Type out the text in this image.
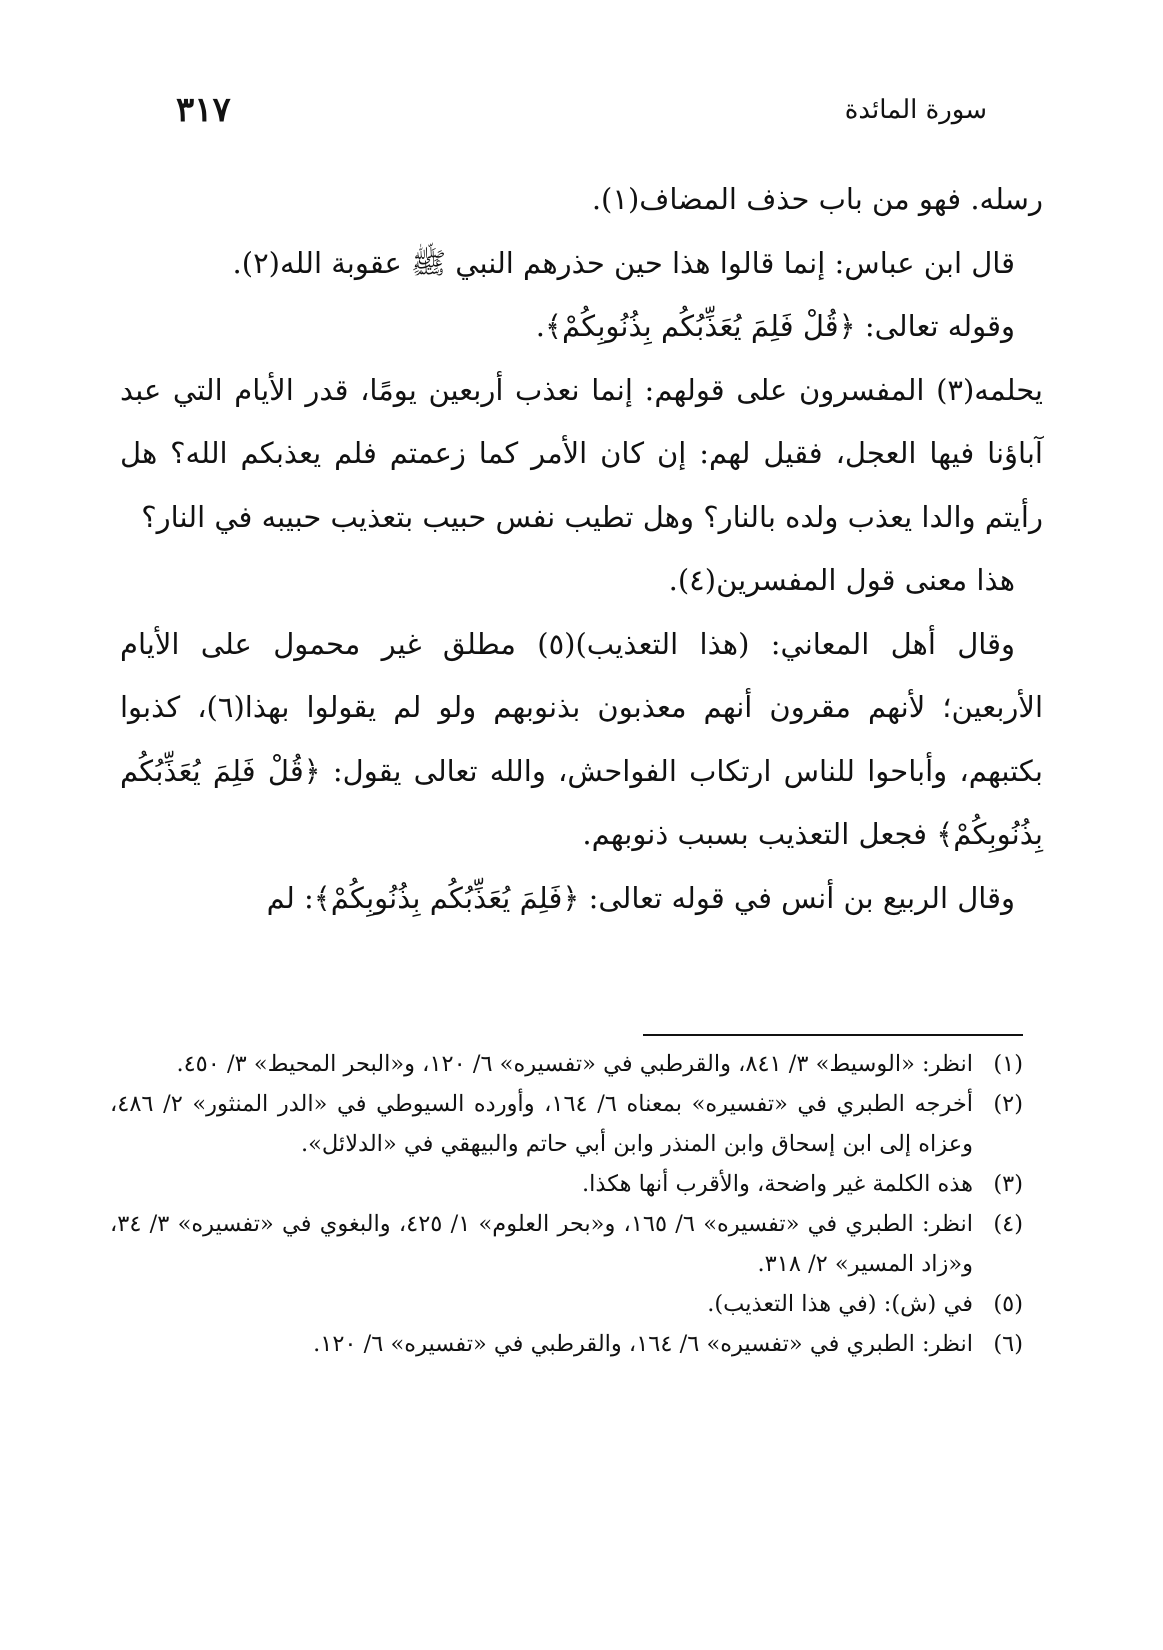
سورة المائدة
٣١٧

رسله. فهو من باب حذف المضاف(١).

قال ابن عباس: إنما قالوا هذا حين حذرهم النبي ﷺ عقوبة الله(٢).

وقوله تعالى: ﴿قُلْ فَلِمَ يُعَذِّبُكُم بِذُنُوبِكُمْ﴾.

يحلمه(٣) المفسرون على قولهم: إنما نعذب أربعين يومًا، قدر الأيام التي عبد آباؤنا فيها العجل، فقيل لهم: إن كان الأمر كما زعمتم فلم يعذبكم الله؟ هل رأيتم والدا يعذب ولده بالنار؟ وهل تطيب نفس حبيب بتعذيب حبيبه في النار؟

هذا معنى قول المفسرين(٤).

وقال أهل المعاني: (هذا التعذيب)(٥) مطلق غير محمول على الأيام الأربعين؛ لأنهم مقرون أنهم معذبون بذنوبهم ولو لم يقولوا بهذا(٦)، كذبوا بكتبهم، وأباحوا للناس ارتكاب الفواحش، والله تعالى يقول: ﴿قُلْ فَلِمَ يُعَذِّبُكُم بِذُنُوبِكُمْ﴾ فجعل التعذيب بسبب ذنوبهم.

وقال الربيع بن أنس في قوله تعالى: ﴿فَلِمَ يُعَذِّبُكُم بِذُنُوبِكُمْ﴾: لم

(١)
انظر: «الوسيط» ٣/ ٨٤١، والقرطبي في «تفسيره» ٦/ ١٢٠، و«البحر المحيط» ٣/ ٤٥٠.
(٢)
أخرجه الطبري في «تفسيره» بمعناه ٦/ ١٦٤، وأورده السيوطي في «الدر المنثور» ٢/ ٤٨٦، وعزاه إلى ابن إسحاق وابن المنذر وابن أبي حاتم والبيهقي في «الدلائل».
(٣)
هذه الكلمة غير واضحة، والأقرب أنها هكذا.
(٤)
انظر: الطبري في «تفسيره» ٦/ ١٦٥، و«بحر العلوم» ١/ ٤٢٥، والبغوي في «تفسيره» ٣/ ٣٤، و«زاد المسير» ٢/ ٣١٨.
(٥)
في (ش): (في هذا التعذيب).
(٦)
انظر: الطبري في «تفسيره» ٦/ ١٦٤، والقرطبي في «تفسيره» ٦/ ١٢٠.
